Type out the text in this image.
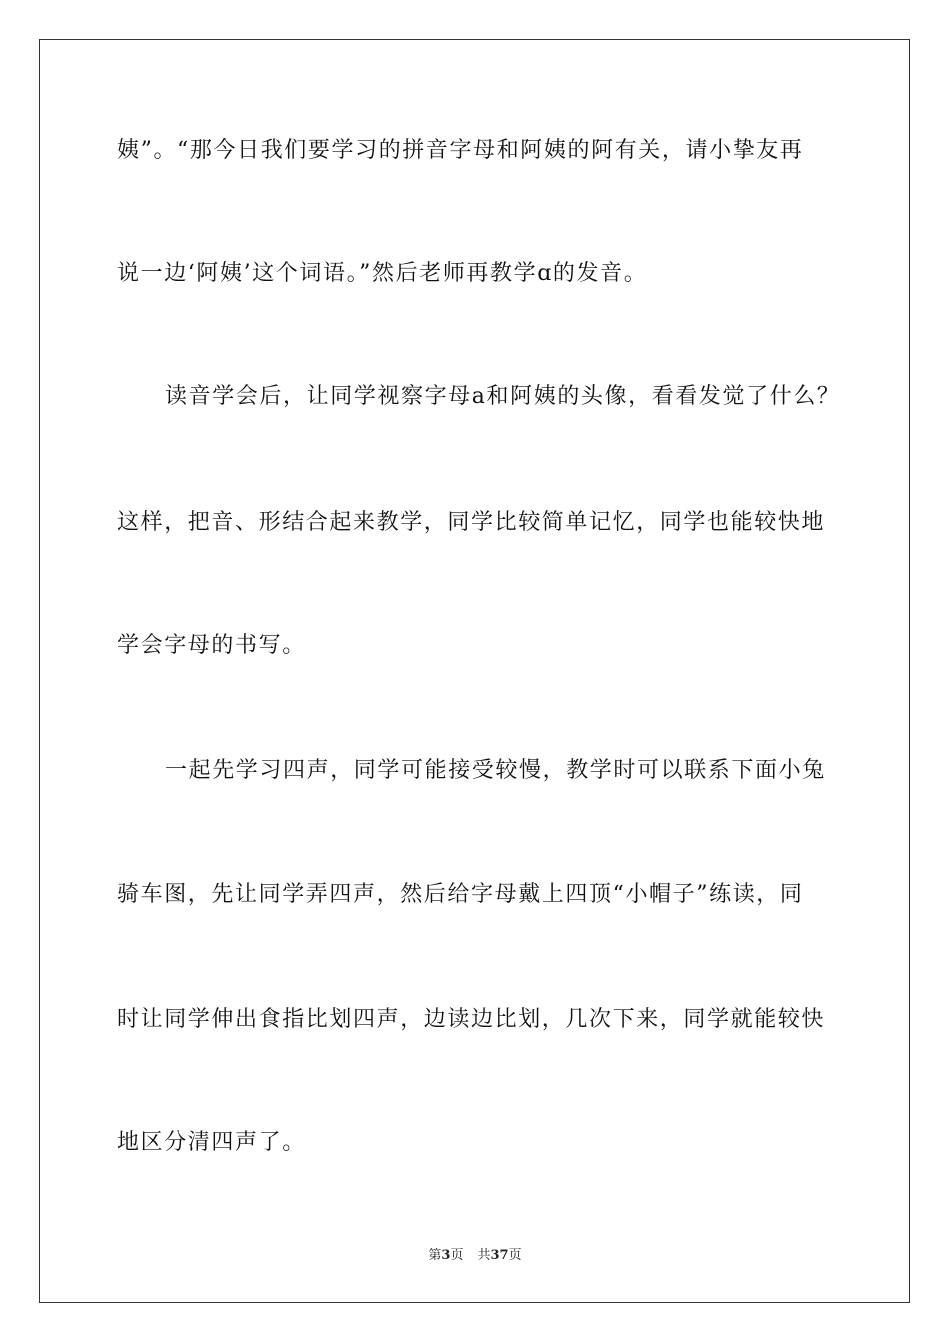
姨”。“那今日我们要学习的拼音字母和阿姨的阿有关，请小挚友再
说一边‘阿姨’这个词语。”然后老师再教学ɑ的发音。
读音学会后，让同学视察字母a和阿姨的头像，看看发觉了什么？
这样，把音、形结合起来教学，同学比较简单记忆，同学也能较快地
学会字母的书写。
一起先学习四声，同学可能接受较慢，教学时可以联系下面小兔
骑车图，先让同学弄四声，然后给字母戴上四顶“小帽子”练读，同
时让同学伸出食指比划四声，边读边比划，几次下来，同学就能较快
地区分清四声了。
第3页 共37页
